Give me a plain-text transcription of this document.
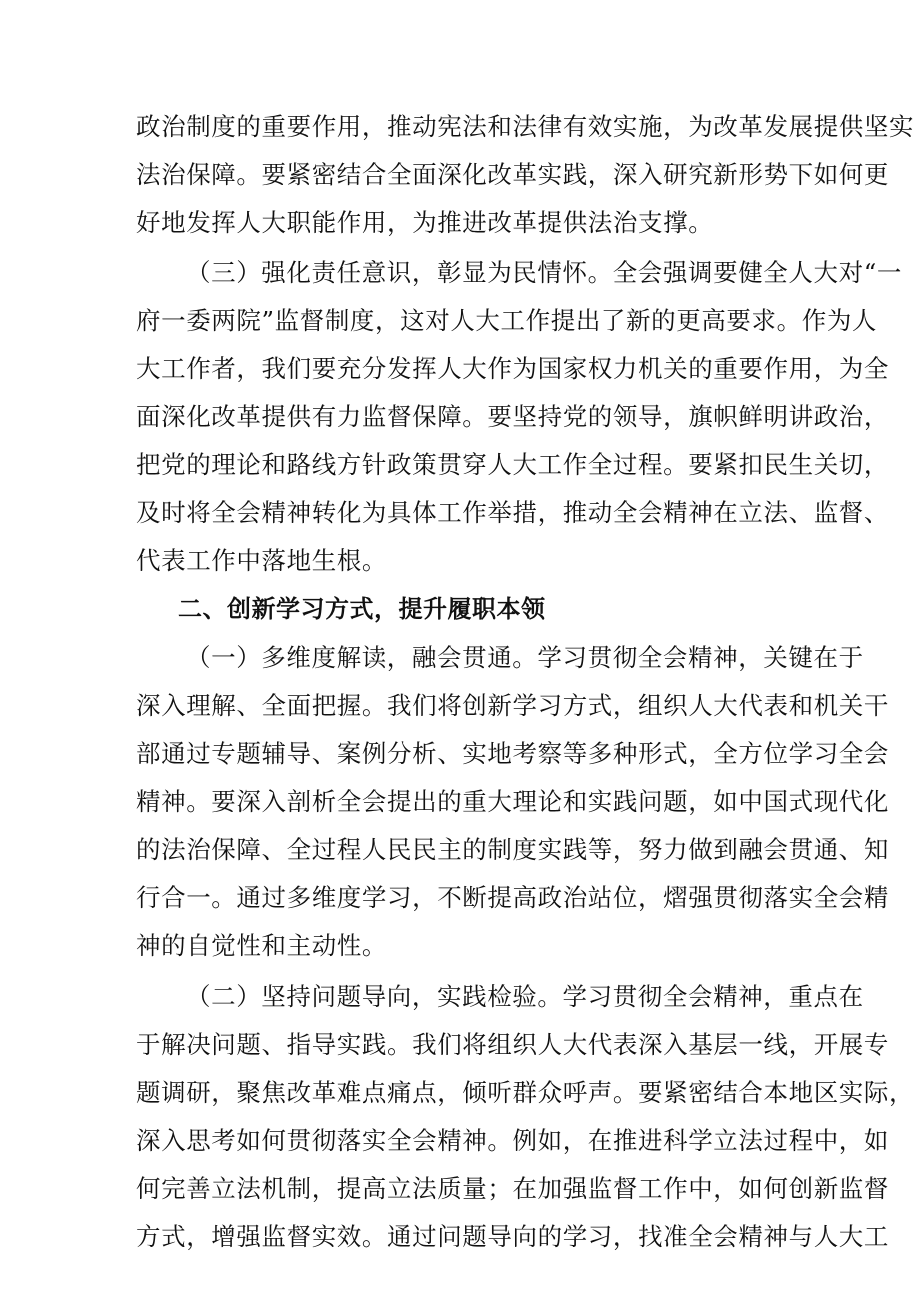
政治制度的重要作用，推动宪法和法律有效实施，为改革发展提供坚实
法治保障。要紧密结合全面深化改革实践，深入研究新形势下如何更
好地发挥人大职能作用，为推进改革提供法治支撑。
（三）强化责任意识，彰显为民情怀。全会强调要健全人大对“一
府一委两院”监督制度，这对人大工作提出了新的更高要求。作为人
大工作者，我们要充分发挥人大作为国家权力机关的重要作用，为全
面深化改革提供有力监督保障。要坚持党的领导，旗帜鲜明讲政治，
把党的理论和路线方针政策贯穿人大工作全过程。要紧扣民生关切，
及时将全会精神转化为具体工作举措，推动全会精神在立法、监督、
代表工作中落地生根。
二、创新学习方式，提升履职本领
（一）多维度解读，融会贯通。学习贯彻全会精神，关键在于
深入理解、全面把握。我们将创新学习方式，组织人大代表和机关干
部通过专题辅导、案例分析、实地考察等多种形式，全方位学习全会
精神。要深入剖析全会提出的重大理论和实践问题，如中国式现代化
的法治保障、全过程人民民主的制度实践等，努力做到融会贯通、知
行合一。通过多维度学习，不断提高政治站位，熠强贯彻落实全会精
神的自觉性和主动性。
（二）坚持问题导向，实践检验。学习贯彻全会精神，重点在
于解决问题、指导实践。我们将组织人大代表深入基层一线，开展专
题调研，聚焦改革难点痛点，倾听群众呼声。要紧密结合本地区实际，
深入思考如何贯彻落实全会精神。例如，在推进科学立法过程中，如
何完善立法机制，提高立法质量；在加强监督工作中，如何创新监督
方式，增强监督实效。通过问题导向的学习，找准全会精神与人大工
